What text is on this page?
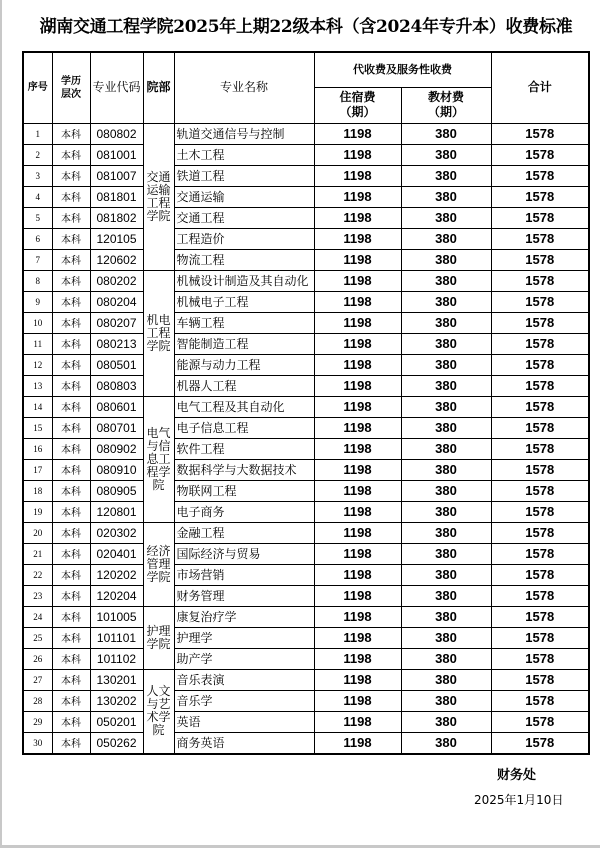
湖南交通工程学院2025年上期22级本科（含2024年专升本）收费标准
序号	学历层次	专业代码	院部	专业名称	代收费及服务性收费		合计
					住宿费（期）	教材费（期）	
1	本科	080802	交通运输工程学院	轨道交通信号与控制	1198	380	1578
2	本科	081001		土木工程	1198	380	1578
3	本科	081007		铁道工程	1198	380	1578
4	本科	081801		交通运输	1198	380	1578
5	本科	081802		交通工程	1198	380	1578
6	本科	120105		工程造价	1198	380	1578
7	本科	120602		物流工程	1198	380	1578
8	本科	080202	机电工程学院	机械设计制造及其自动化	1198	380	1578
9	本科	080204		机械电子工程	1198	380	1578
10	本科	080207		车辆工程	1198	380	1578
11	本科	080213		智能制造工程	1198	380	1578
12	本科	080501		能源与动力工程	1198	380	1578
13	本科	080803		机器人工程	1198	380	1578
14	本科	080601	电气与信息工程学院	电气工程及其自动化	1198	380	1578
15	本科	080701		电子信息工程	1198	380	1578
16	本科	080902		软件工程	1198	380	1578
17	本科	080910		数据科学与大数据技术	1198	380	1578
18	本科	080905		物联网工程	1198	380	1578
19	本科	120801		电子商务	1198	380	1578
20	本科	020302	经济管理学院	金融工程	1198	380	1578
21	本科	020401		国际经济与贸易	1198	380	1578
22	本科	120202		市场营销	1198	380	1578
23	本科	120204		财务管理	1198	380	1578
24	本科	101005	护理学院	康复治疗学	1198	380	1578
25	本科	101101		护理学	1198	380	1578
26	本科	101102		助产学	1198	380	1578
27	本科	130201	人文与艺术学院	音乐表演	1198	380	1578
28	本科	130202		音乐学	1198	380	1578
29	本科	050201		英语	1198	380	1578
30	本科	050262		商务英语	1198	380	1578
财务处
2025年1月10日
